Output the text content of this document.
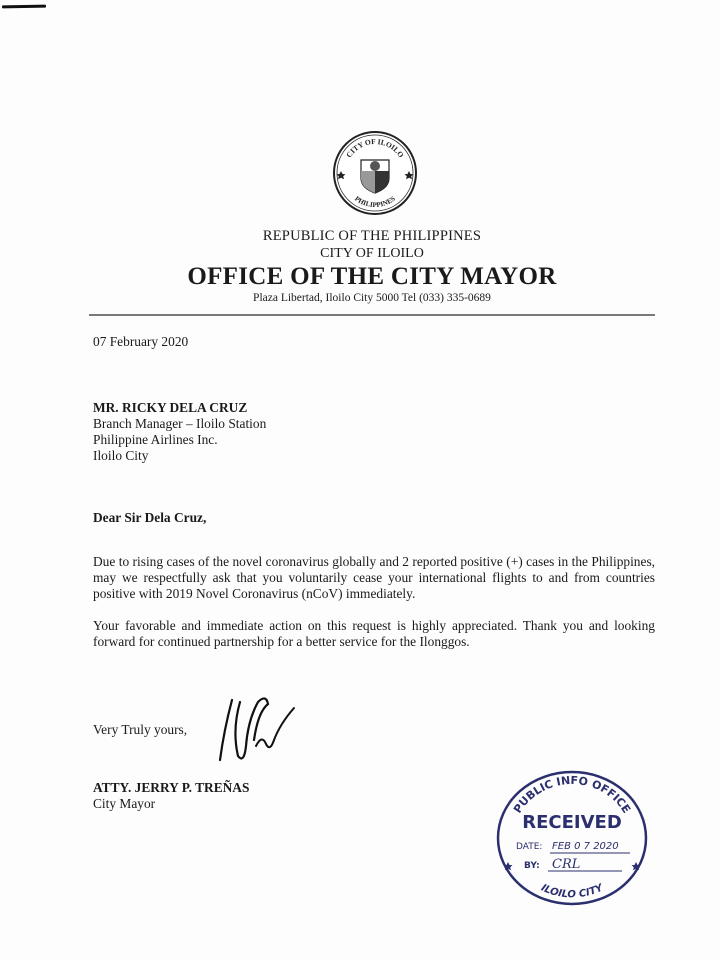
CITY OF ILOILO
PHILIPPINES
REPUBLIC OF THE PHILIPPINES
CITY OF ILOILO
OFFICE OF THE CITY MAYOR
Plaza Libertad, Iloilo City 5000 Tel (033) 335-0689
07 February 2020
MR. RICKY DELA CRUZ
Branch Manager – Iloilo Station
Philippine Airlines Inc.
Iloilo City
Dear Sir Dela Cruz,
Due to rising cases of the novel coronavirus globally and 2 reported positive (+) cases in the Philippines, may we respectfully ask that you voluntarily cease your international flights to and from countries positive with 2019 Novel Coronavirus (nCoV) immediately.
Your favorable and immediate action on this request is highly appreciated. Thank you and looking forward for continued partnership for a better service for the Ilonggos.
Very Truly yours,
ATTY. JERRY P. TREÑAS
City Mayor	PUBLIC INFO OFFICE
RECEIVED
DATE: FEB 0 7 2020
BY: CRL
ILOILO CITY
